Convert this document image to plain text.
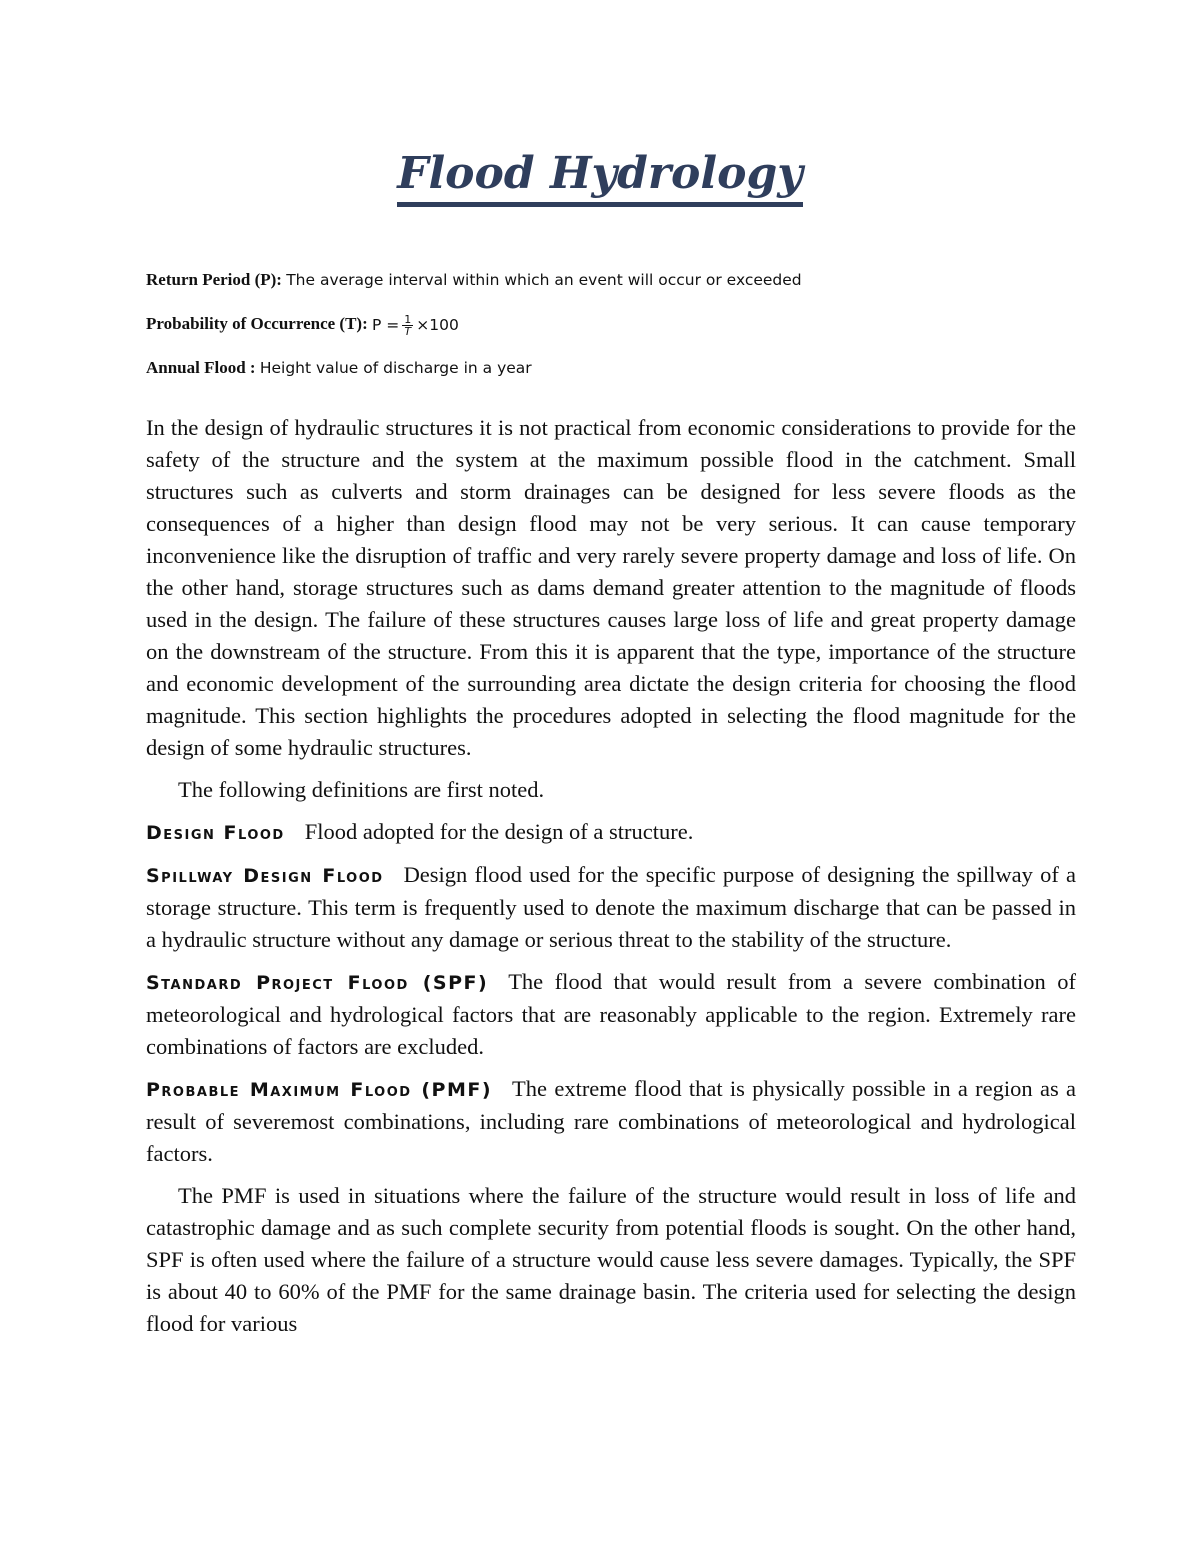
Flood Hydrology
Return Period (P): The average interval within which an event will occur or exceeded
Probability of Occurrence (T): $P = \frac{1}{T} \times 100$
Annual Flood : Height value of discharge in a year

In the design of hydraulic structures it is not practical from economic considerations to provide for the safety of the structure and the system at the maximum possible flood in the catchment. Small structures such as culverts and storm drainages can be designed for less severe floods as the consequences of a higher than design flood may not be very serious. It can cause temporary inconvenience like the disruption of traffic and very rarely severe property damage and loss of life. On the other hand, storage structures such as dams demand greater attention to the magnitude of floods used in the design. The failure of these structures causes large loss of life and great property damage on the downstream of the structure. From this it is apparent that the type, importance of the structure and economic development of the surrounding area dictate the design criteria for choosing the flood magnitude. This section highlights the procedures adopted in selecting the flood magnitude for the design of some hydraulic structures.

The following definitions are first noted.

Design Flood Flood adopted for the design of a structure.

Spillway Design Flood Design flood used for the specific purpose of designing the spillway of a storage structure. This term is frequently used to denote the maximum discharge that can be passed in a hydraulic structure without any damage or serious threat to the stability of the structure.

Standard Project Flood (SPF) The flood that would result from a severe combination of meteorological and hydrological factors that are reasonably applicable to the region. Extremely rare combinations of factors are excluded.

Probable Maximum Flood (PMF) The extreme flood that is physically possible in a region as a result of severemost combinations, including rare combinations of meteorological and hydrological factors.

The PMF is used in situations where the failure of the structure would result in loss of life and catastrophic damage and as such complete security from potential floods is sought. On the other hand, SPF is often used where the failure of a structure would cause less severe damages. Typically, the SPF is about 40 to 60% of the PMF for the same drainage basin. The criteria used for selecting the design flood for various
